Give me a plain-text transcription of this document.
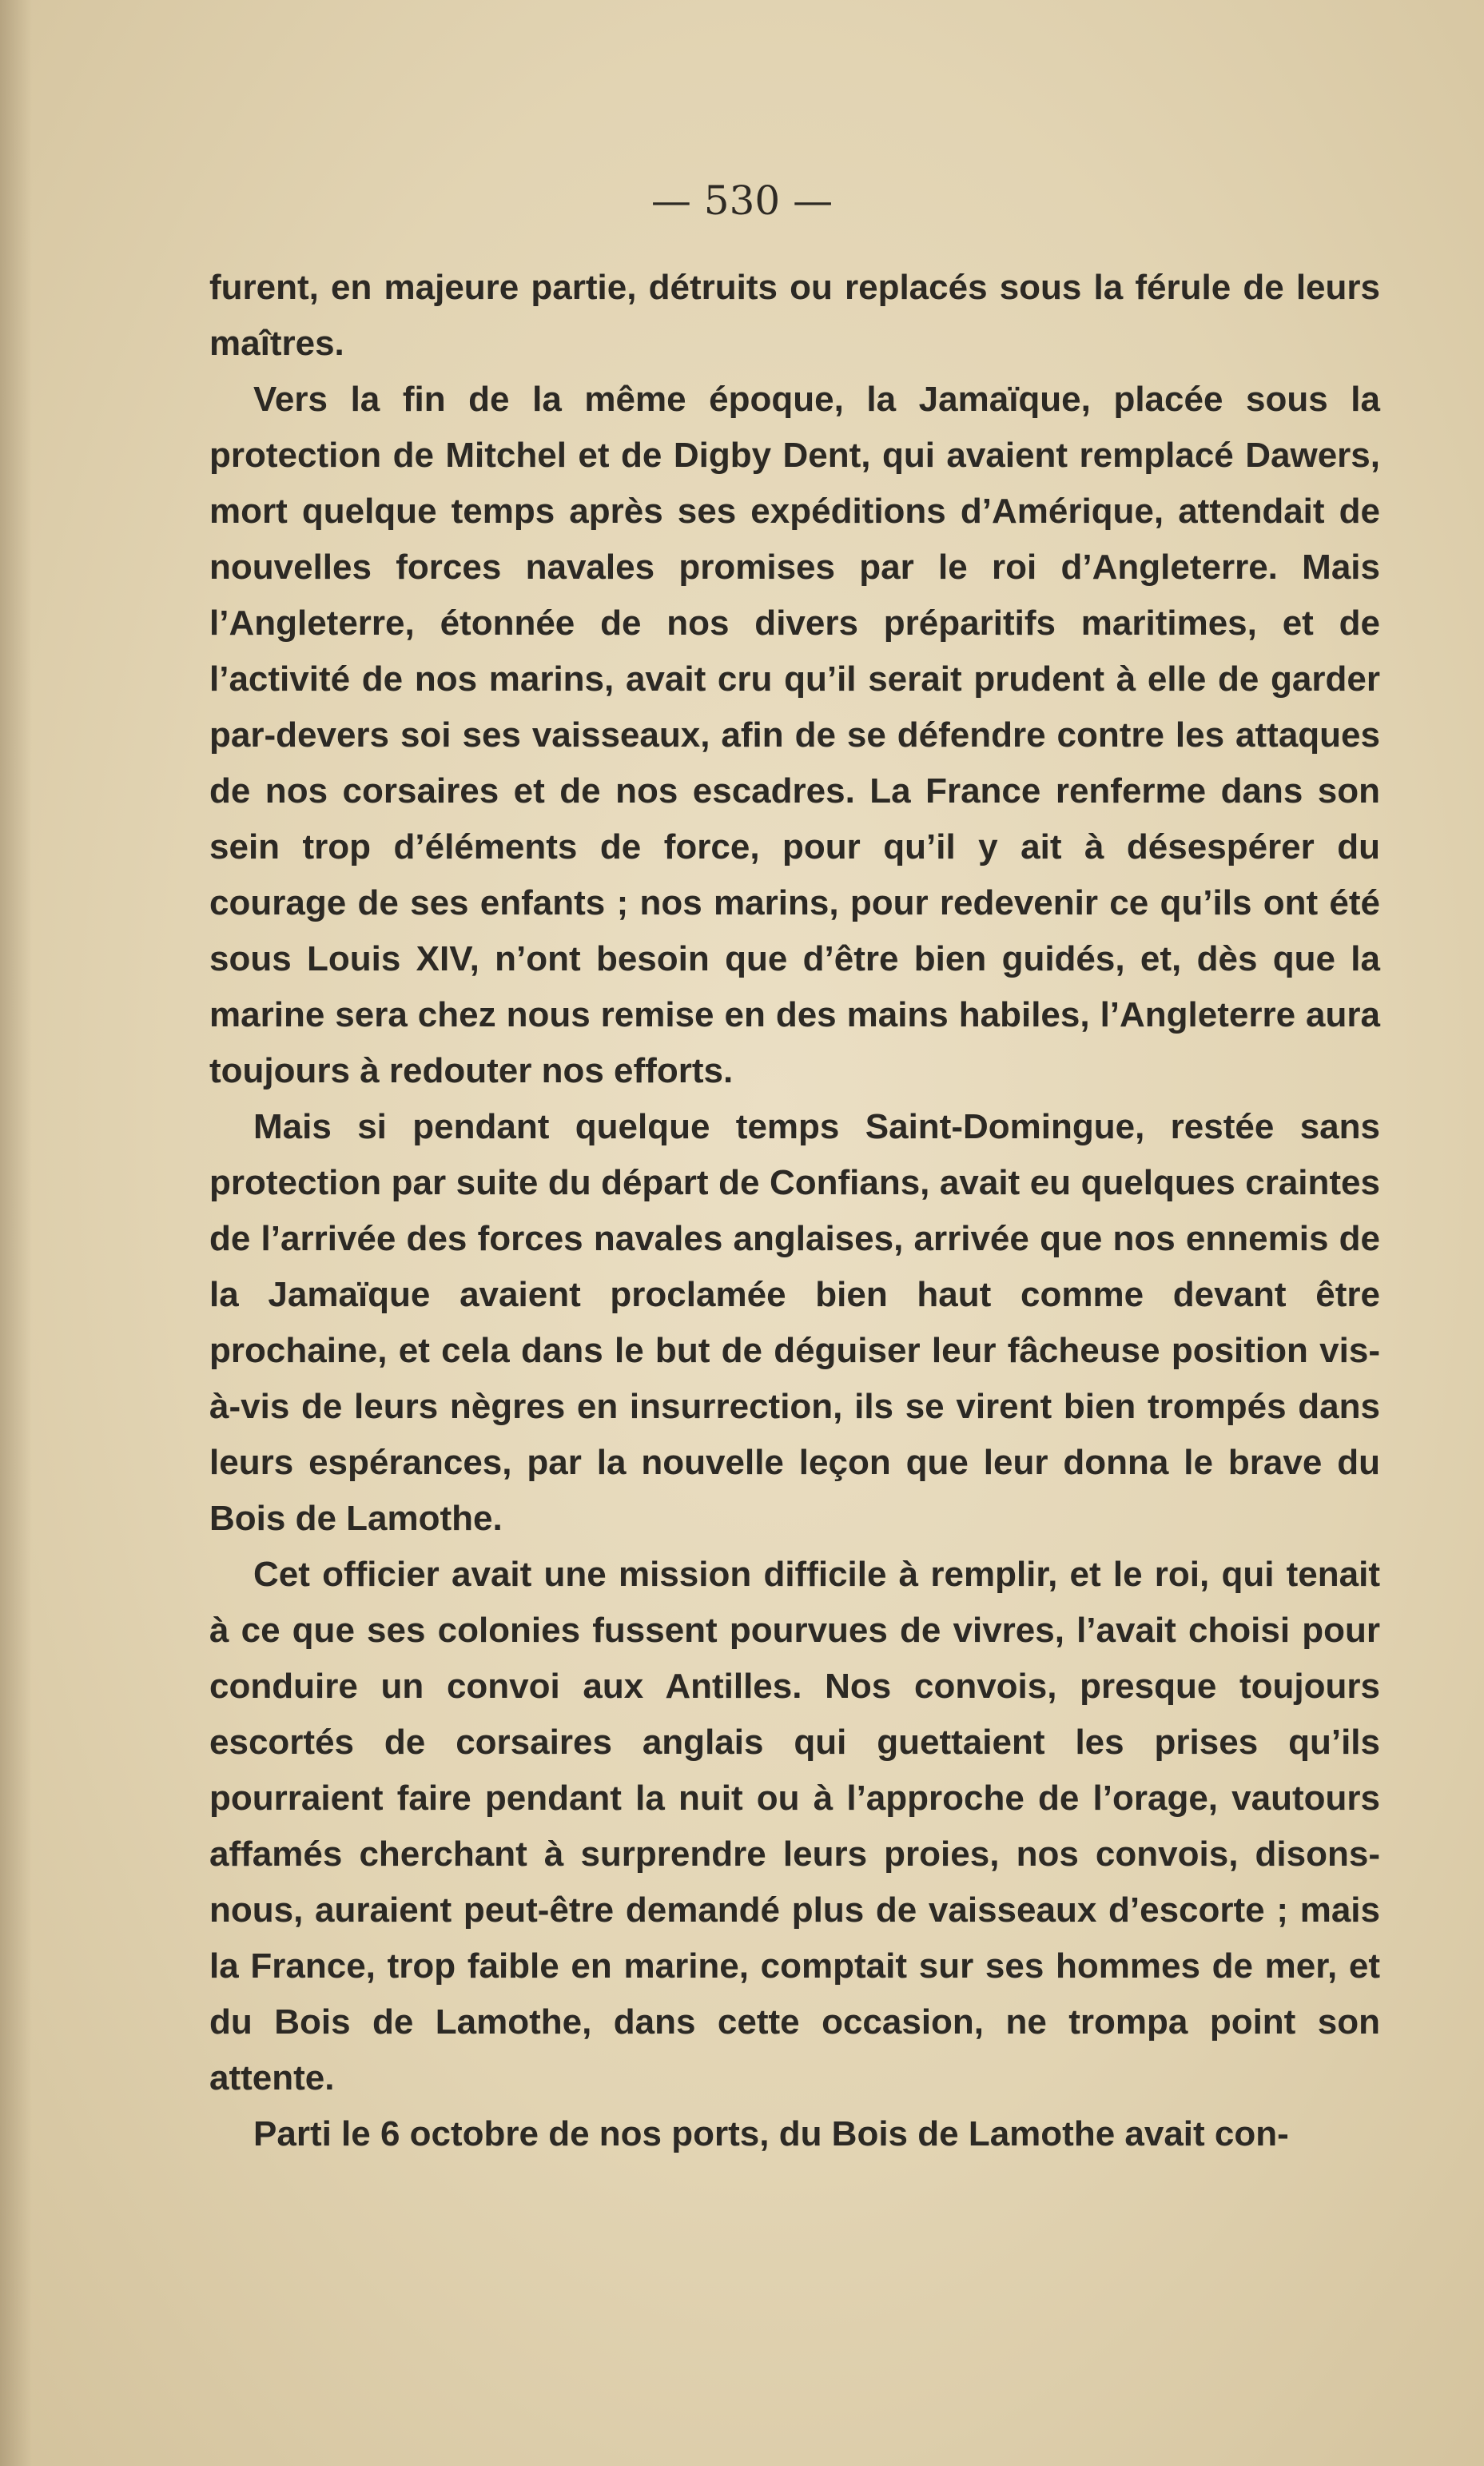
— 530 —

furent, en majeure partie, détruits ou replacés sous la férule de leurs maîtres.

Vers la fin de la même époque, la Jamaïque, placée sous la protection de Mitchel et de Digby Dent, qui avaient remplacé Dawers, mort quelque temps après ses expéditions d’Amérique, attendait de nouvelles forces navales promises par le roi d’Angleterre. Mais l’Angleterre, étonnée de nos divers préparitifs maritimes, et de l’activité de nos marins, avait cru qu’il serait prudent à elle de garder par-devers soi ses vaisseaux, afin de se défendre contre les attaques de nos corsaires et de nos escadres. La France renferme dans son sein trop d’éléments de force, pour qu’il y ait à désespérer du courage de ses enfants ; nos marins, pour redevenir ce qu’ils ont été sous Louis XIV, n’ont besoin que d’être bien guidés, et, dès que la marine sera chez nous remise en des mains habiles, l’Angleterre aura toujours à redouter nos efforts.

Mais si pendant quelque temps Saint-Domingue, restée sans protection par suite du départ de Confians, avait eu quelques craintes de l’arrivée des forces navales anglaises, arrivée que nos ennemis de la Jamaïque avaient proclamée bien haut comme devant être prochaine, et cela dans le but de déguiser leur fâcheuse position vis-à-vis de leurs nègres en insurrection, ils se virent bien trompés dans leurs espérances, par la nouvelle leçon que leur donna le brave du Bois de Lamothe.

Cet officier avait une mission difficile à remplir, et le roi, qui tenait à ce que ses colonies fussent pourvues de vivres, l’avait choisi pour conduire un convoi aux Antilles. Nos convois, presque toujours escortés de corsaires anglais qui guettaient les prises qu’ils pourraient faire pendant la nuit ou à l’approche de l’orage, vautours affamés cherchant à surprendre leurs proies, nos convois, disons-nous, auraient peut-être demandé plus de vaisseaux d’escorte ; mais la France, trop faible en marine, comptait sur ses hommes de mer, et du Bois de Lamothe, dans cette occasion, ne trompa point son attente.

Parti le 6 octobre de nos ports, du Bois de Lamothe avait con-
